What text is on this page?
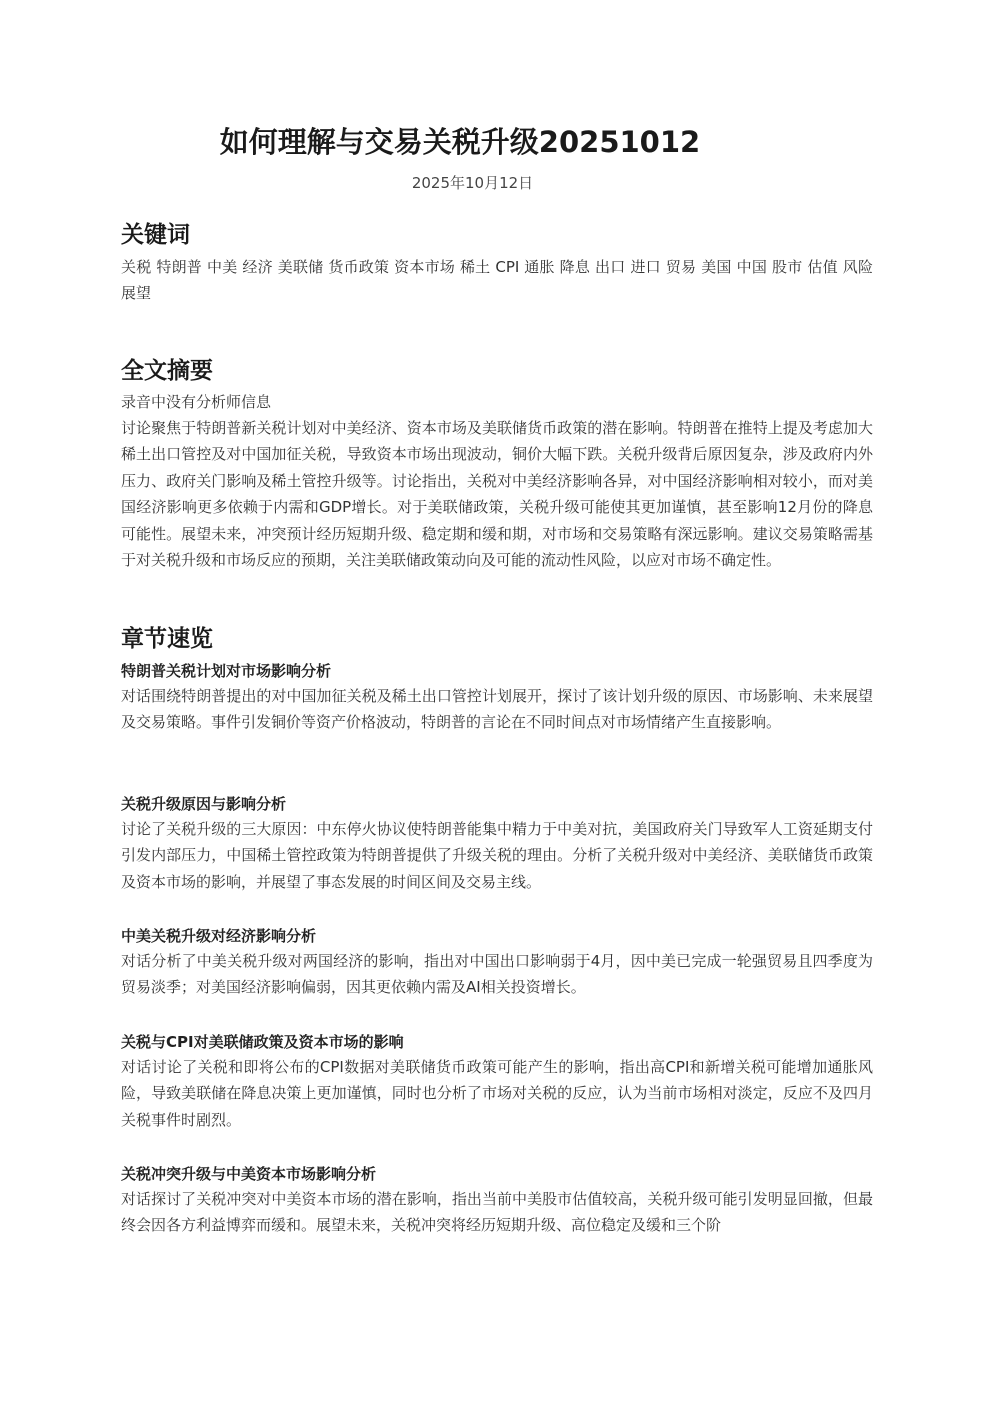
如何理解与交易关税升级20251012
2025年10月12日
关键词

关税 特朗普 中美 经济 美联储 货币政策 资本市场 稀土 CPI 通胀 降息 出口 进口 贸易 美国 中国 股市 估值 风险 展望

全文摘要

录音中没有分析师信息

讨论聚焦于特朗普新关税计划对中美经济、资本市场及美联储货币政策的潜在影响。特朗普在推特上提及考虑加大稀土出口管控及对中国加征关税，导致资本市场出现波动，铜价大幅下跌。关税升级背后原因复杂，涉及政府内外压力、政府关门影响及稀土管控升级等。讨论指出，关税对中美经济影响各异，对中国经济影响相对较小，而对美国经济影响更多依赖于内需和GDP增长。对于美联储政策，关税升级可能使其更加谨慎，甚至影响12月份的降息可能性。展望未来，冲突预计经历短期升级、稳定期和缓和期，对市场和交易策略有深远影响。建议交易策略需基于对关税升级和市场反应的预期，关注美联储政策动向及可能的流动性风险，以应对市场不确定性。

章节速览
特朗普关税计划对市场影响分析

对话围绕特朗普提出的对中国加征关税及稀土出口管控计划展开，探讨了该计划升级的原因、市场影响、未来展望及交易策略。事件引发铜价等资产价格波动，特朗普的言论在不同时间点对市场情绪产生直接影响。

关税升级原因与影响分析

讨论了关税升级的三大原因：中东停火协议使特朗普能集中精力于中美对抗，美国政府关门导致军人工资延期支付引发内部压力，中国稀土管控政策为特朗普提供了升级关税的理由。分析了关税升级对中美经济、美联储货币政策及资本市场的影响，并展望了事态发展的时间区间及交易主线。

中美关税升级对经济影响分析

对话分析了中美关税升级对两国经济的影响，指出对中国出口影响弱于4月，因中美已完成一轮强贸易且四季度为贸易淡季；对美国经济影响偏弱，因其更依赖内需及AI相关投资增长。

关税与CPI对美联储政策及资本市场的影响

对话讨论了关税和即将公布的CPI数据对美联储货币政策可能产生的影响，指出高CPI和新增关税可能增加通胀风险，导致美联储在降息决策上更加谨慎，同时也分析了市场对关税的反应，认为当前市场相对淡定，反应不及四月关税事件时剧烈。

关税冲突升级与中美资本市场影响分析

对话探讨了关税冲突对中美资本市场的潜在影响，指出当前中美股市估值较高，关税升级可能引发明显回撤，但最终会因各方利益博弈而缓和。展望未来，关税冲突将经历短期升级、高位稳定及缓和三个阶
